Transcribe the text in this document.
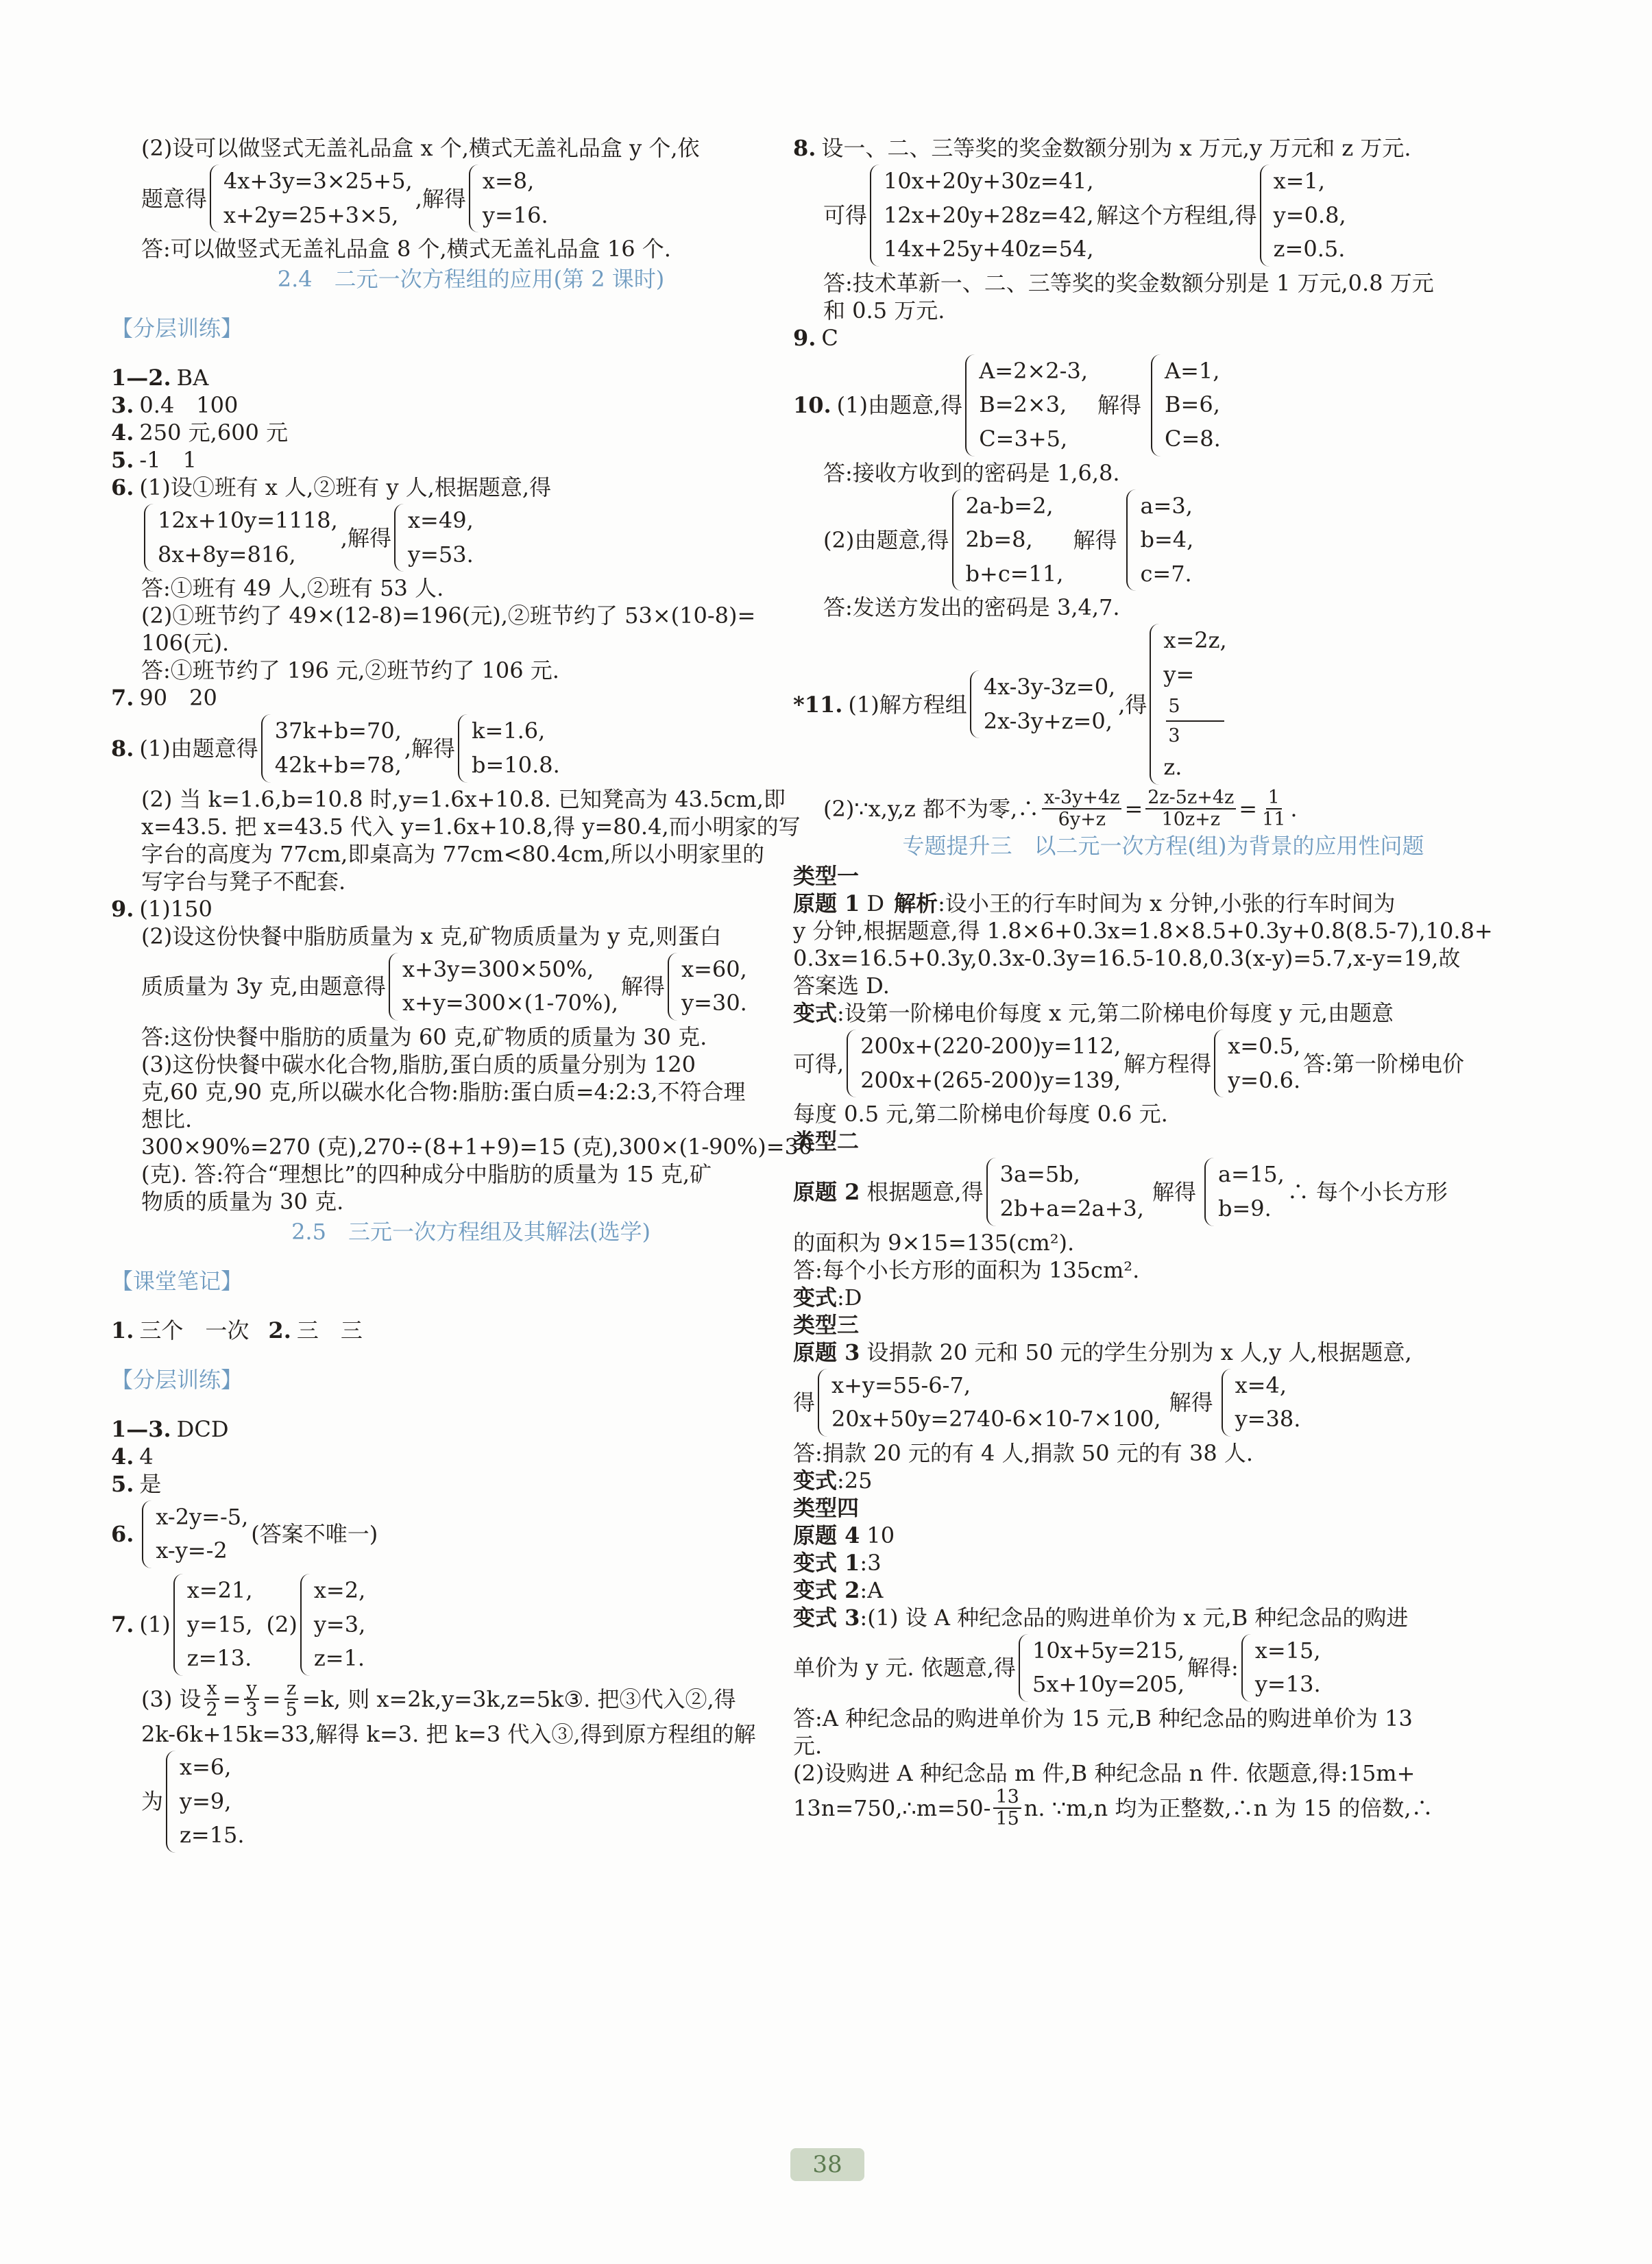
(2)设可以做竖式无盖礼品盒 x 个,横式无盖礼品盒 y 个,依

题意得
4x+3y=3×25+5,
x+2y=25+3×5,
,解得
x=8,
y=16.

答:可以做竖式无盖礼品盒 8 个,横式无盖礼品盒 16 个.

2.4　二元一次方程组的应用(第 2 课时)

【分层训练】

1—2. BA

3. 0.4　100

4. 250 元,600 元

5. -1　1

6. (1)设①班有 x 人,②班有 y 人,根据题意,得

12x+10y=1118,
8x+8y=816,
,解得
x=49,
y=53.

答:①班有 49 人,②班有 53 人.

(2)①班节约了 49×(12-8)=196(元),②班节约了 53×(10-8)=

106(元).

答:①班节约了 196 元,②班节约了 106 元.

7. 90　20

8. (1)由题意得
37k+b=70,
42k+b=78,
,解得
k=1.6,
b=10.8.

(2) 当 k=1.6,b=10.8 时,y=1.6x+10.8. 已知凳高为 43.5cm,即

x=43.5. 把 x=43.5 代入 y=1.6x+10.8,得 y=80.4,而小明家的写

字台的高度为 77cm,即桌高为 77cm<80.4cm,所以小明家里的

写字台与凳子不配套.

9. (1)150

(2)设这份快餐中脂肪质量为 x 克,矿物质质量为 y 克,则蛋白

质质量为 3y 克,由题意得
x+3y=300×50%,
x+y=300×(1-70%),
解得
x=60,
y=30.

答:这份快餐中脂肪的质量为 60 克,矿物质的质量为 30 克.

(3)这份快餐中碳水化合物,脂肪,蛋白质的质量分别为 120

克,60 克,90 克,所以碳水化合物:脂肪:蛋白质=4:2:3,不符合理

想比.

300×90%=270 (克),270÷(8+1+9)=15 (克),300×(1-90%)=30

(克). 答:符合“理想比”的四种成分中脂肪的质量为 15 克,矿

物质的质量为 30 克.

2.5　三元一次方程组及其解法(选学)

【课堂笔记】

1. 三个　一次 2. 三　三

【分层训练】

1—3. DCD

4. 4

5. 是

6.
x-2y=-5,
x-y=-2
(答案不唯一)

7. (1)
x=21,
y=15,
z=13.
(2)
x=2,
y=3,
z=1.

(3) 设 $\frac{x}{2} = \frac{y}{3} = \frac{z}{5} =k$, 则 x=2k,y=3k,z=5k③. 把③代入②,得

2k-6k+15k=33,解得 k=3. 把 k=3 代入③,得到原方程组的解

为
x=6,
y=9,
z=15.

8. 设一、二、三等奖的奖金数额分别为 x 万元,y 万元和 z 万元.

可得
10x+20y+30z=41,
12x+20y+28z=42,
14x+25y+40z=54,
解这个方程组,得
x=1,
y=0.8,
z=0.5.

答:技术革新一、二、三等奖的奖金数额分别是 1 万元,0.8 万元

和 0.5 万元.

9. C

10. (1)由题意,得
A=2×2-3,
B=2×3,
C=3+5,
解得
A=1,
B=6,
C=8.

答:接收方收到的密码是 1,6,8.

(2)由题意,得
2a-b=2,
2b=8,
b+c=11,
解得
a=3,
b=4,
c=7.

答:发送方发出的密码是 3,4,7.

*11. (1)解方程组
4x-3y-3z=0,
2x-3y+z=0,
,得
x=2z,
y=
5
3
z.

(2)∵x,y,z 都不为零,∴ $\frac{x-3y+4z}{6y+z} = \frac{2z-5z+4z}{10z+z} = \frac{1}{11}$ .

专题提升三　以二元一次方程(组)为背景的应用性问题

类型一

原题 1 D 解析 :设小王的行车时间为 x 分钟,小张的行车时间为

y 分钟,根据题意,得 1.8×6+0.3x=1.8×8.5+0.3y+0.8(8.5-7),10.8+

0.3x=16.5+0.3y,0.3x-0.3y=16.5-10.8,0.3(x-y)=5.7,x-y=19,故

答案选 D.

变式 :设第一阶梯电价每度 x 元,第二阶梯电价每度 y 元,由题意

可得,
200x+(220-200)y=112,
200x+(265-200)y=139,
解方程得
x=0.5,
y=0.6.
答:第一阶梯电价

每度 0.5 元,第二阶梯电价每度 0.6 元.

类型二

原题 2 根据题意,得
3a=5b,
2b+a=2a+3,
解得
a=15,
b=9.
∴ 每个小长方形

的面积为 9×15=135(cm²).

答:每个小长方形的面积为 135cm².

变式 :D

类型三

原题 3 设捐款 20 元和 50 元的学生分别为 x 人,y 人,根据题意,

得
x+y=55-6-7,
20x+50y=2740-6×10-7×100,
解得
x=4,
y=38.

答:捐款 20 元的有 4 人,捐款 50 元的有 38 人.

变式 :25

类型四

原题 4 10

变式 1 :3

变式 2 :A

变式 3 :(1) 设 A 种纪念品的购进单价为 x 元,B 种纪念品的购进

单价为 y 元. 依题意,得
10x+5y=215,
5x+10y=205,
解得:
x=15,
y=13.

答:A 种纪念品的购进单价为 15 元,B 种纪念品的购进单价为 13

元.

(2)设购进 A 种纪念品 m 件,B 种纪念品 n 件. 依题意,得:15m+

13n=750,∴m=50- $\frac{13}{15} n$. ∵m,n 均为正整数,∴n 为 15 的倍数,∴

38
